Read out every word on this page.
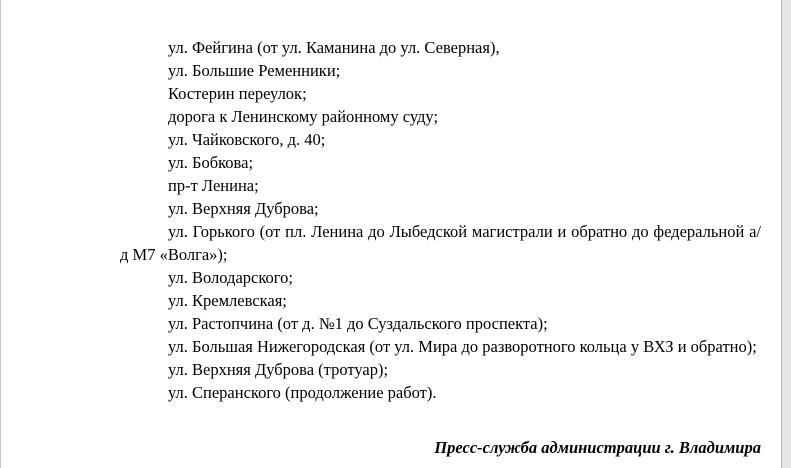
ул. Фейгина (от ул. Каманина до ул. Северная),

ул. Большие Ременники;

Костерин переулок;

дорога к Ленинскому районному суду;

ул. Чайковского, д. 40;

ул. Бобкова;

пр-т Ленина;

ул. Верхняя Дуброва;

ул. Горького (от пл. Ленина до Лыбедской магистрали и обратно до федеральной а/д М7 «Волга»);

ул. Володарского;

ул. Кремлевская;

ул. Растопчина (от д. №1 до Суздальского проспекта);

ул. Большая Нижегородская (от ул. Мира до разворотного кольца у ВХЗ и обратно);

ул. Верхняя Дуброва (тротуар);

ул. Сперанского (продолжение работ).

Пресс-служба администрации г. Владимира
